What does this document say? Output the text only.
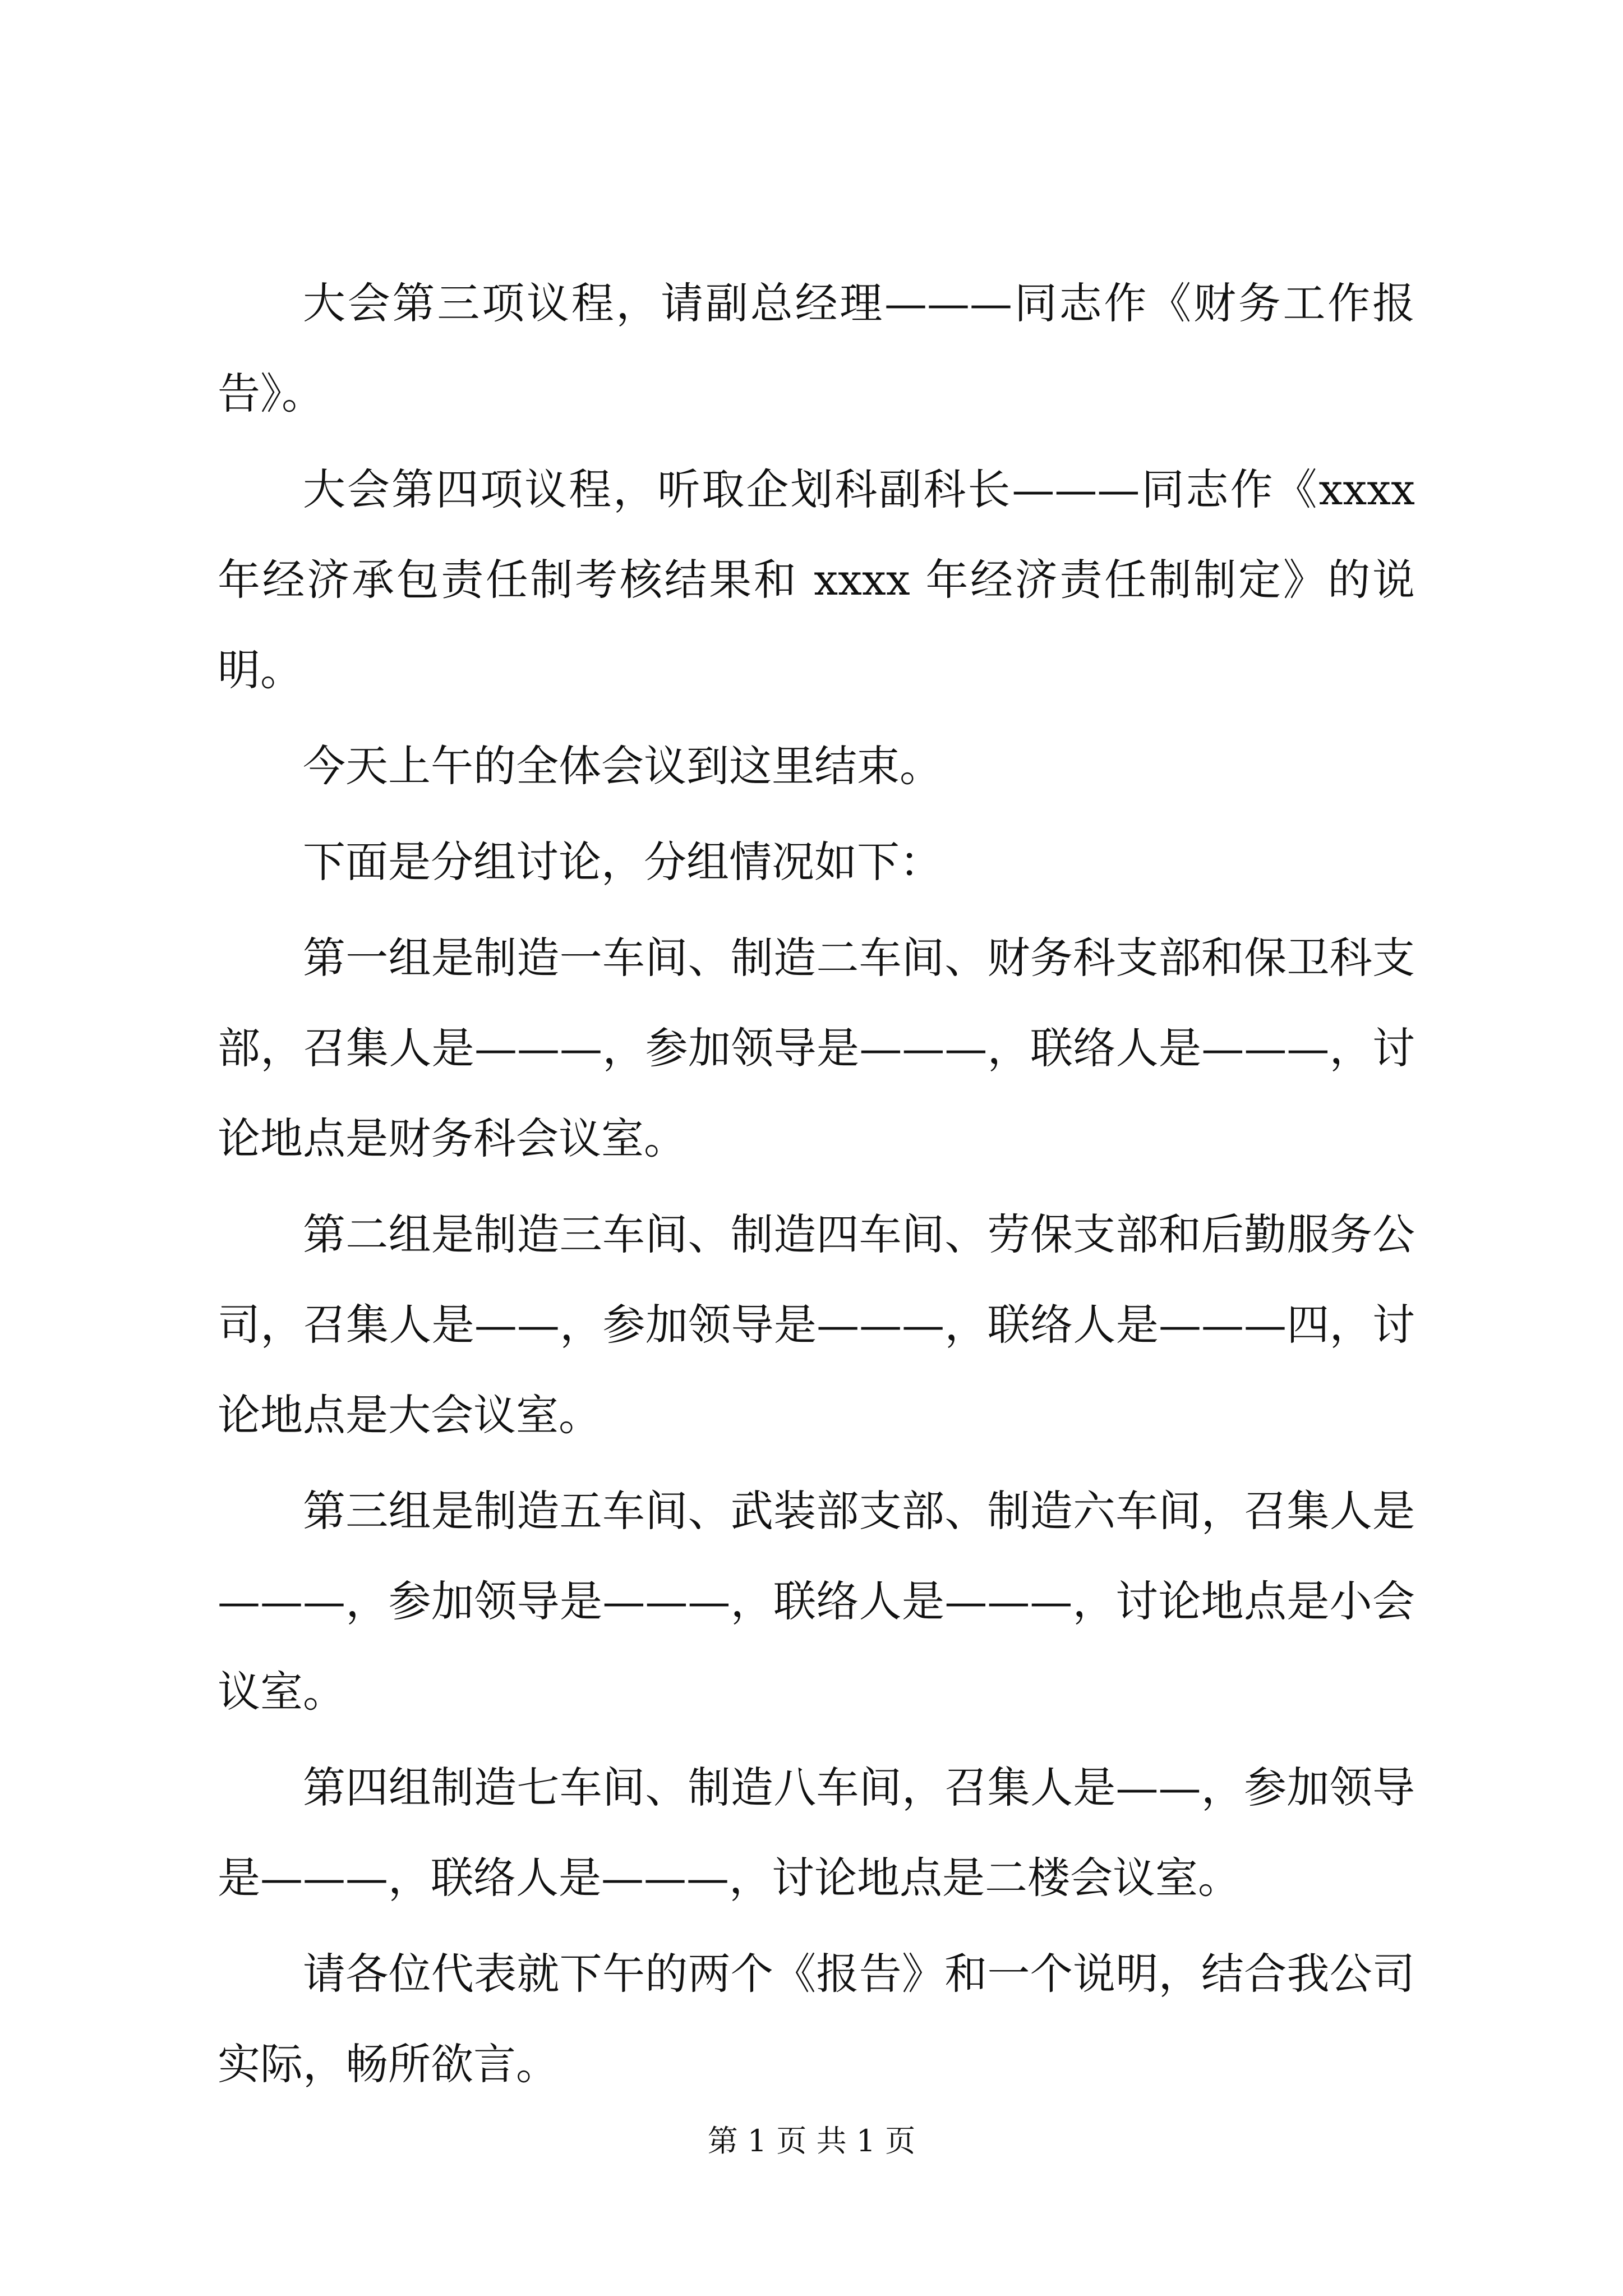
大会第三项议程，请副总经理———同志作《财务工作报告》。

大会第四项议程，听取企划科副科长———同志作《xxxx年经济承包责任制考核结果和 xxxx 年经济责任制制定》的说明。

今天上午的全体会议到这里结束。

下面是分组讨论，分组情况如下：

第一组是制造一车间、制造二车间、财务科支部和保卫科支部，召集人是———，参加领导是———，联络人是———，讨论地点是财务科会议室。

第二组是制造三车间、制造四车间、劳保支部和后勤服务公司，召集人是——，参加领导是———，联络人是———四，讨论地点是大会议室。

第三组是制造五车间、武装部支部、制造六车间，召集人是———，参加领导是———，联络人是———，讨论地点是小会议室。

第四组制造七车间、制造八车间，召集人是——，参加领导是———，联络人是———，讨论地点是二楼会议室。

请各位代表就下午的两个《报告》和一个说明，结合我公司实际，畅所欲言。

第 1 页 共 1 页
